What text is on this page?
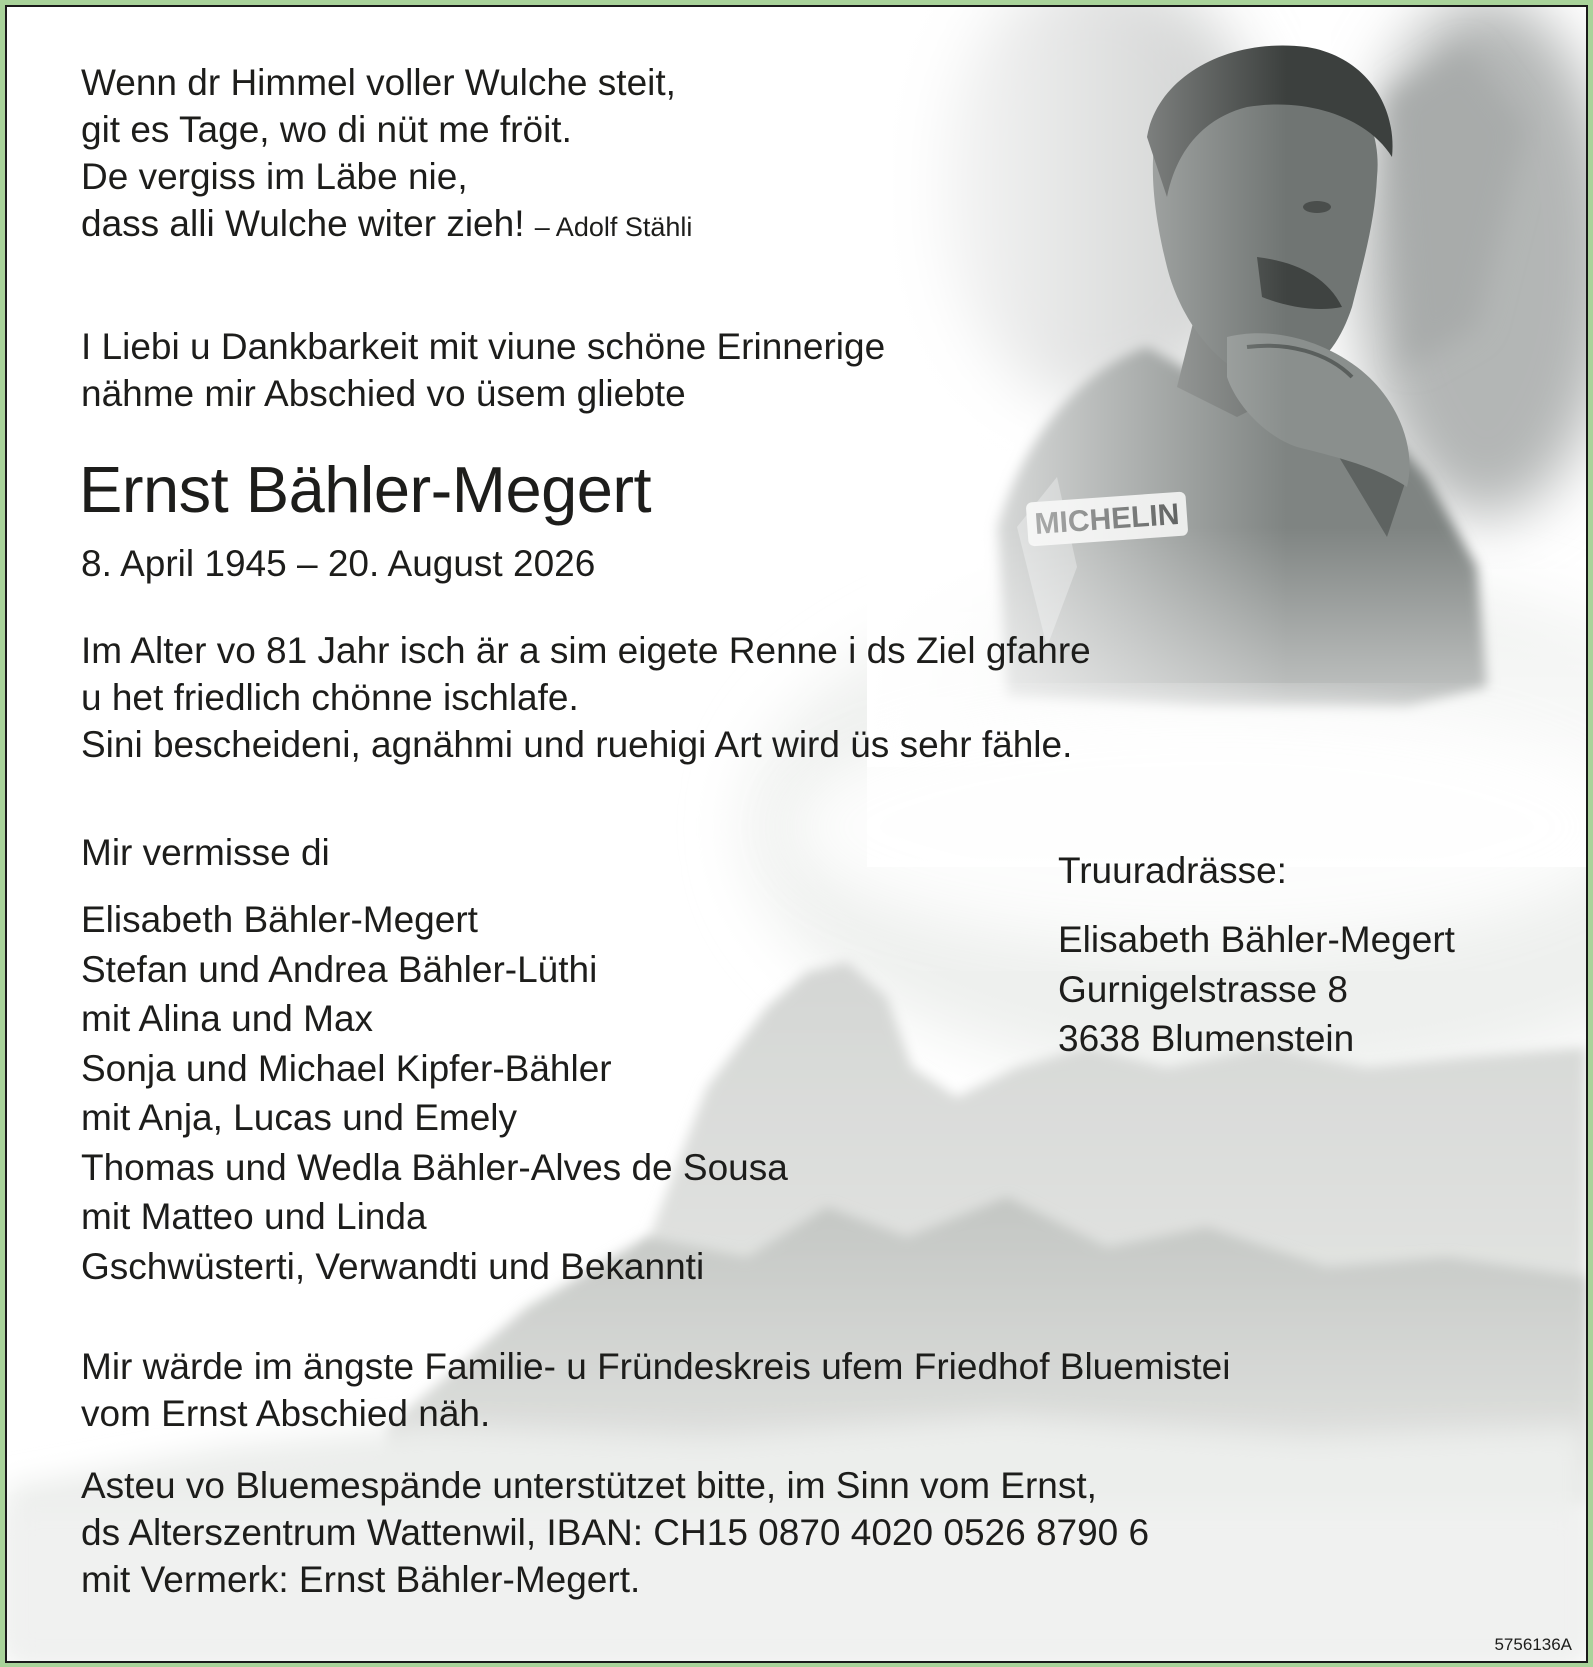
Wenn dr Himmel voller Wulche steit,
git es Tage, wo di nüt me fröit.
De vergiss im Läbe nie,
dass alli Wulche witer zieh! – Adolf Stähli

I Liebi u Dankbarkeit mit viune schöne Erinnerige
nähme mir Abschied vo üsem gliebte

Ernst Bähler-Megert

8. April 1945 – 20. August 2026

Im Alter vo 81 Jahr isch är a sim eigete Renne i ds Ziel gfahre
u het friedlich chönne ischlafe.
Sini bescheideni, agnähmi und ruehigi Art wird üs sehr fähle.

Mir vermisse di

Elisabeth Bähler-Megert
Stefan und Andrea Bähler-Lüthi
mit Alina und Max
Sonja und Michael Kipfer-Bähler
mit Anja, Lucas und Emely
Thomas und Wedla Bähler-Alves de Sousa
mit Matteo und Linda
Gschwüsterti, Verwandti und Bekannti

Truuradrässe:

Elisabeth Bähler-Megert
Gurnigelstrasse 8
3638 Blumenstein

Mir wärde im ängste Familie- u Fründeskreis ufem Friedhof Bluemistei
vom Ernst Abschied näh.

Asteu vo Bluemespände unterstützet bitte, im Sinn vom Ernst,
ds Alterszentrum Wattenwil, IBAN: CH15 0870 4020 0526 8790 6
mit Vermerk: Ernst Bähler-Megert.

5756136A
